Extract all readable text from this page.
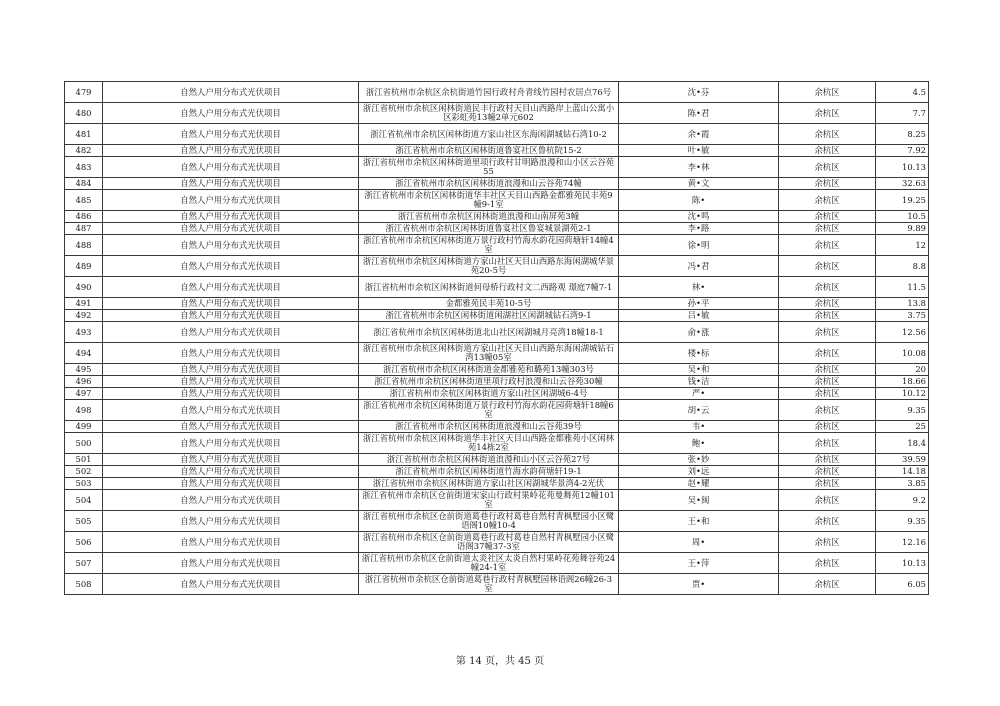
479	自然人户用分布式光伏项目	浙江省杭州市余杭区余杭街道竹园行政村舟青线竹园村农居点76号	沈•芬	余杭区	4.5
480	自然人户用分布式光伏项目	浙江省杭州市余杭区闲林街道民丰行政村天目山西路岸上蓝山公寓小区彩虹苑13幢2单元602	陈•君	余杭区	7.7
481	自然人户用分布式光伏项目	浙江省杭州市余杭区闲林街道方家山社区东海闲湖城钻石湾10-2	余•霞	余杭区	8.25
482	自然人户用分布式光伏项目	浙江省杭州市余杭区闲林街道鲁宴社区鲁杭院15-2	叶•敏	余杭区	7.92
483	自然人户用分布式光伏项目	浙江省杭州市余杭区闲林街道里项行政村甘明路浪漫和山小区云谷苑55	李•林	余杭区	10.13
484	自然人户用分布式光伏项目	浙江省杭州市余杭区闲林街道浪漫和山云谷苑74幢	黄•文	余杭区	32.63
485	自然人户用分布式光伏项目	浙江省杭州市余杭区闲林街道华丰社区天目山西路金都雅苑民丰苑9幢9-1室	陈•	余杭区	19.25
486	自然人户用分布式光伏项目	浙江省杭州市余杭区闲林街道浪漫和山南屏苑3幢	沈•鸣	余杭区	10.5
487	自然人户用分布式光伏项目	浙江省杭州市余杭区闲林街道鲁宴社区鲁宴城景湖苑2-1	李•路	余杭区	9.89
488	自然人户用分布式光伏项目	浙江省杭州市余杭区闲林街道万景行政村竹海水韵花园荷塘轩14幢4室	徐•明	余杭区	12
489	自然人户用分布式光伏项目	浙江省杭州市余杭区闲林街道方家山社区天目山西路东海闲湖城华景苑20-5号	冯•君	余杭区	8.8
490	自然人户用分布式光伏项目	浙江省杭州市余杭区闲林街道何母桥行政村文二西路观 璟庭7幢7-1	林•	余杭区	11.5
491	自然人户用分布式光伏项目	金都雅苑民丰苑10-5号	孙•平	余杭区	13.8
492	自然人户用分布式光伏项目	浙江省杭州市余杭区闲林街道闲湖社区闲湖城钻石湾9-1	吕•敏	余杭区	3.75
493	自然人户用分布式光伏项目	浙江省杭州市余杭区闲林街道北山社区闲湖城月亮湾18幢18-1	俞•涨	余杭区	12.56
494	自然人户用分布式光伏项目	浙江省杭州市余杭区闲林街道方家山社区天目山西路东海闲湖城钻石湾13幢05室	楼•标	余杭区	10.08
495	自然人户用分布式光伏项目	浙江省杭州市余杭区闲林街道金都雅苑和璐苑13幢303号	吴•和	余杭区	20
496	自然人户用分布式光伏项目	浙江省杭州市余杭区闲林街道里项行政村浪漫和山云谷苑30幢	钱•洁	余杭区	18.66
497	自然人户用分布式光伏项目	浙江省杭州市余杭区闲林街道方家山社区闲湖城6-4号	严•	余杭区	10.12
498	自然人户用分布式光伏项目	浙江省杭州市余杭区闲林街道万景行政村竹海水韵花园荷塘轩18幢6室	胡•云	余杭区	9.35
499	自然人户用分布式光伏项目	浙江省杭州市余杭区闲林街道浪漫和山云谷苑39号	韦•	余杭区	25
500	自然人户用分布式光伏项目	浙江省杭州市余杭区闲林街道华丰社区天目山西路金都雅苑小区闲林苑14栋2室	鲍•	余杭区	18.4
501	自然人户用分布式光伏项目	浙江省杭州市余杭区闲林街道浪漫和山小区云谷苑27号	张•妙	余杭区	39.59
502	自然人户用分布式光伏项目	浙江省杭州市余杭区闲林街道竹海水韵荷塘轩19-1	刘•远	余杭区	14.18
503	自然人户用分布式光伏项目	浙江省杭州市余杭区闲林街道方家山社区闲湖城华景湾4-2光伏	赵•耀	余杭区	3.85
504	自然人户用分布式光伏项目	浙江省杭州市余杭区仓前街道宋家山行政村果岭花苑曼舞苑12幢101室	吴•闽	余杭区	9.2
505	自然人户用分布式光伏项目	浙江省杭州市余杭区仓前街道葛巷行政村葛巷自然村青枫墅园小区鹭语阁10幢10-4	王•和	余杭区	9.35
506	自然人户用分布式光伏项目	浙江省杭州市余杭区仓前街道葛巷行政村葛巷自然村青枫墅园小区鹭语阁37幢37-3室	周•	余杭区	12.16
507	自然人户用分布式光伏项目	浙江省杭州市余杭区仓前街道太炎社区太炎自然村果岭花苑舞谷苑24幢24-1室	王•萍	余杭区	10.13
508	自然人户用分布式光伏项目	浙江省杭州市余杭区仓前街道葛巷行政村青枫墅园林语阁26幢26-3室	贾•	余杭区	6.05
第 14 页，共 45 页
